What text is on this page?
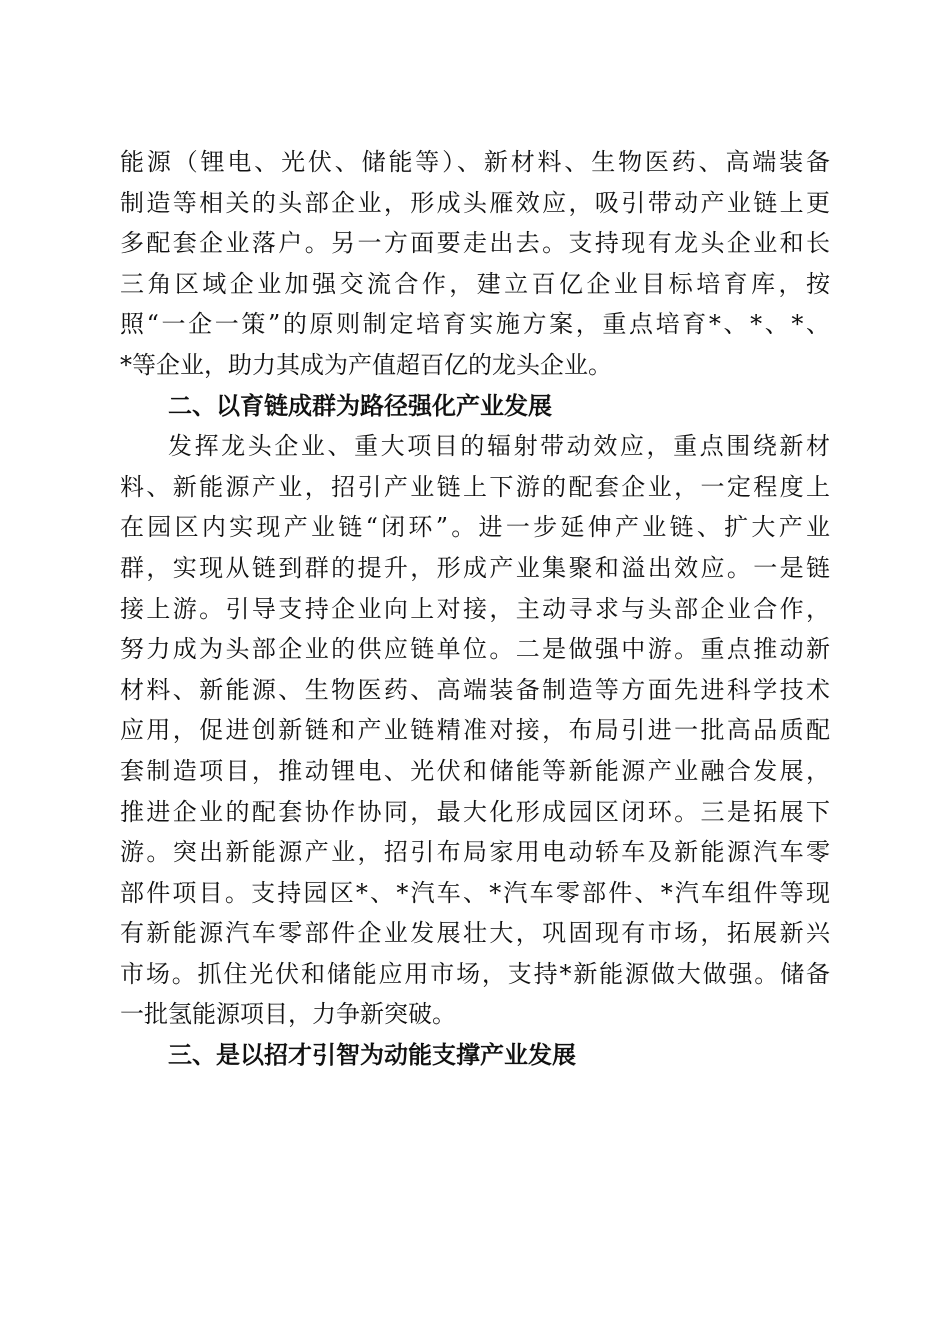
能源（锂电、光伏、储能等）、新材料、生物医药、高端装备
制造等相关的头部企业，形成头雁效应，吸引带动产业链上更
多配套企业落户。另一方面要走出去。支持现有龙头企业和长
三角区域企业加强交流合作，建立百亿企业目标培育库，按
照“一企一策”的原则制定培育实施方案，重点培育*、*、*、
*等企业，助力其成为产值超百亿的龙头企业。
二、以育链成群为路径强化产业发展
发挥龙头企业、重大项目的辐射带动效应，重点围绕新材
料、新能源产业，招引产业链上下游的配套企业，一定程度上
在园区内实现产业链“闭环”。进一步延伸产业链、扩大产业
群，实现从链到群的提升，形成产业集聚和溢出效应。一是链
接上游。引导支持企业向上对接，主动寻求与头部企业合作，
努力成为头部企业的供应链单位。二是做强中游。重点推动新
材料、新能源、生物医药、高端装备制造等方面先进科学技术
应用，促进创新链和产业链精准对接，布局引进一批高品质配
套制造项目，推动锂电、光伏和储能等新能源产业融合发展，
推进企业的配套协作协同，最大化形成园区闭环。三是拓展下
游。突出新能源产业，招引布局家用电动轿车及新能源汽车零
部件项目。支持园区*、*汽车、*汽车零部件、*汽车组件等现
有新能源汽车零部件企业发展壮大，巩固现有市场，拓展新兴
市场。抓住光伏和储能应用市场，支持*新能源做大做强。储备
一批氢能源项目，力争新突破。
三、是以招才引智为动能支撑产业发展
